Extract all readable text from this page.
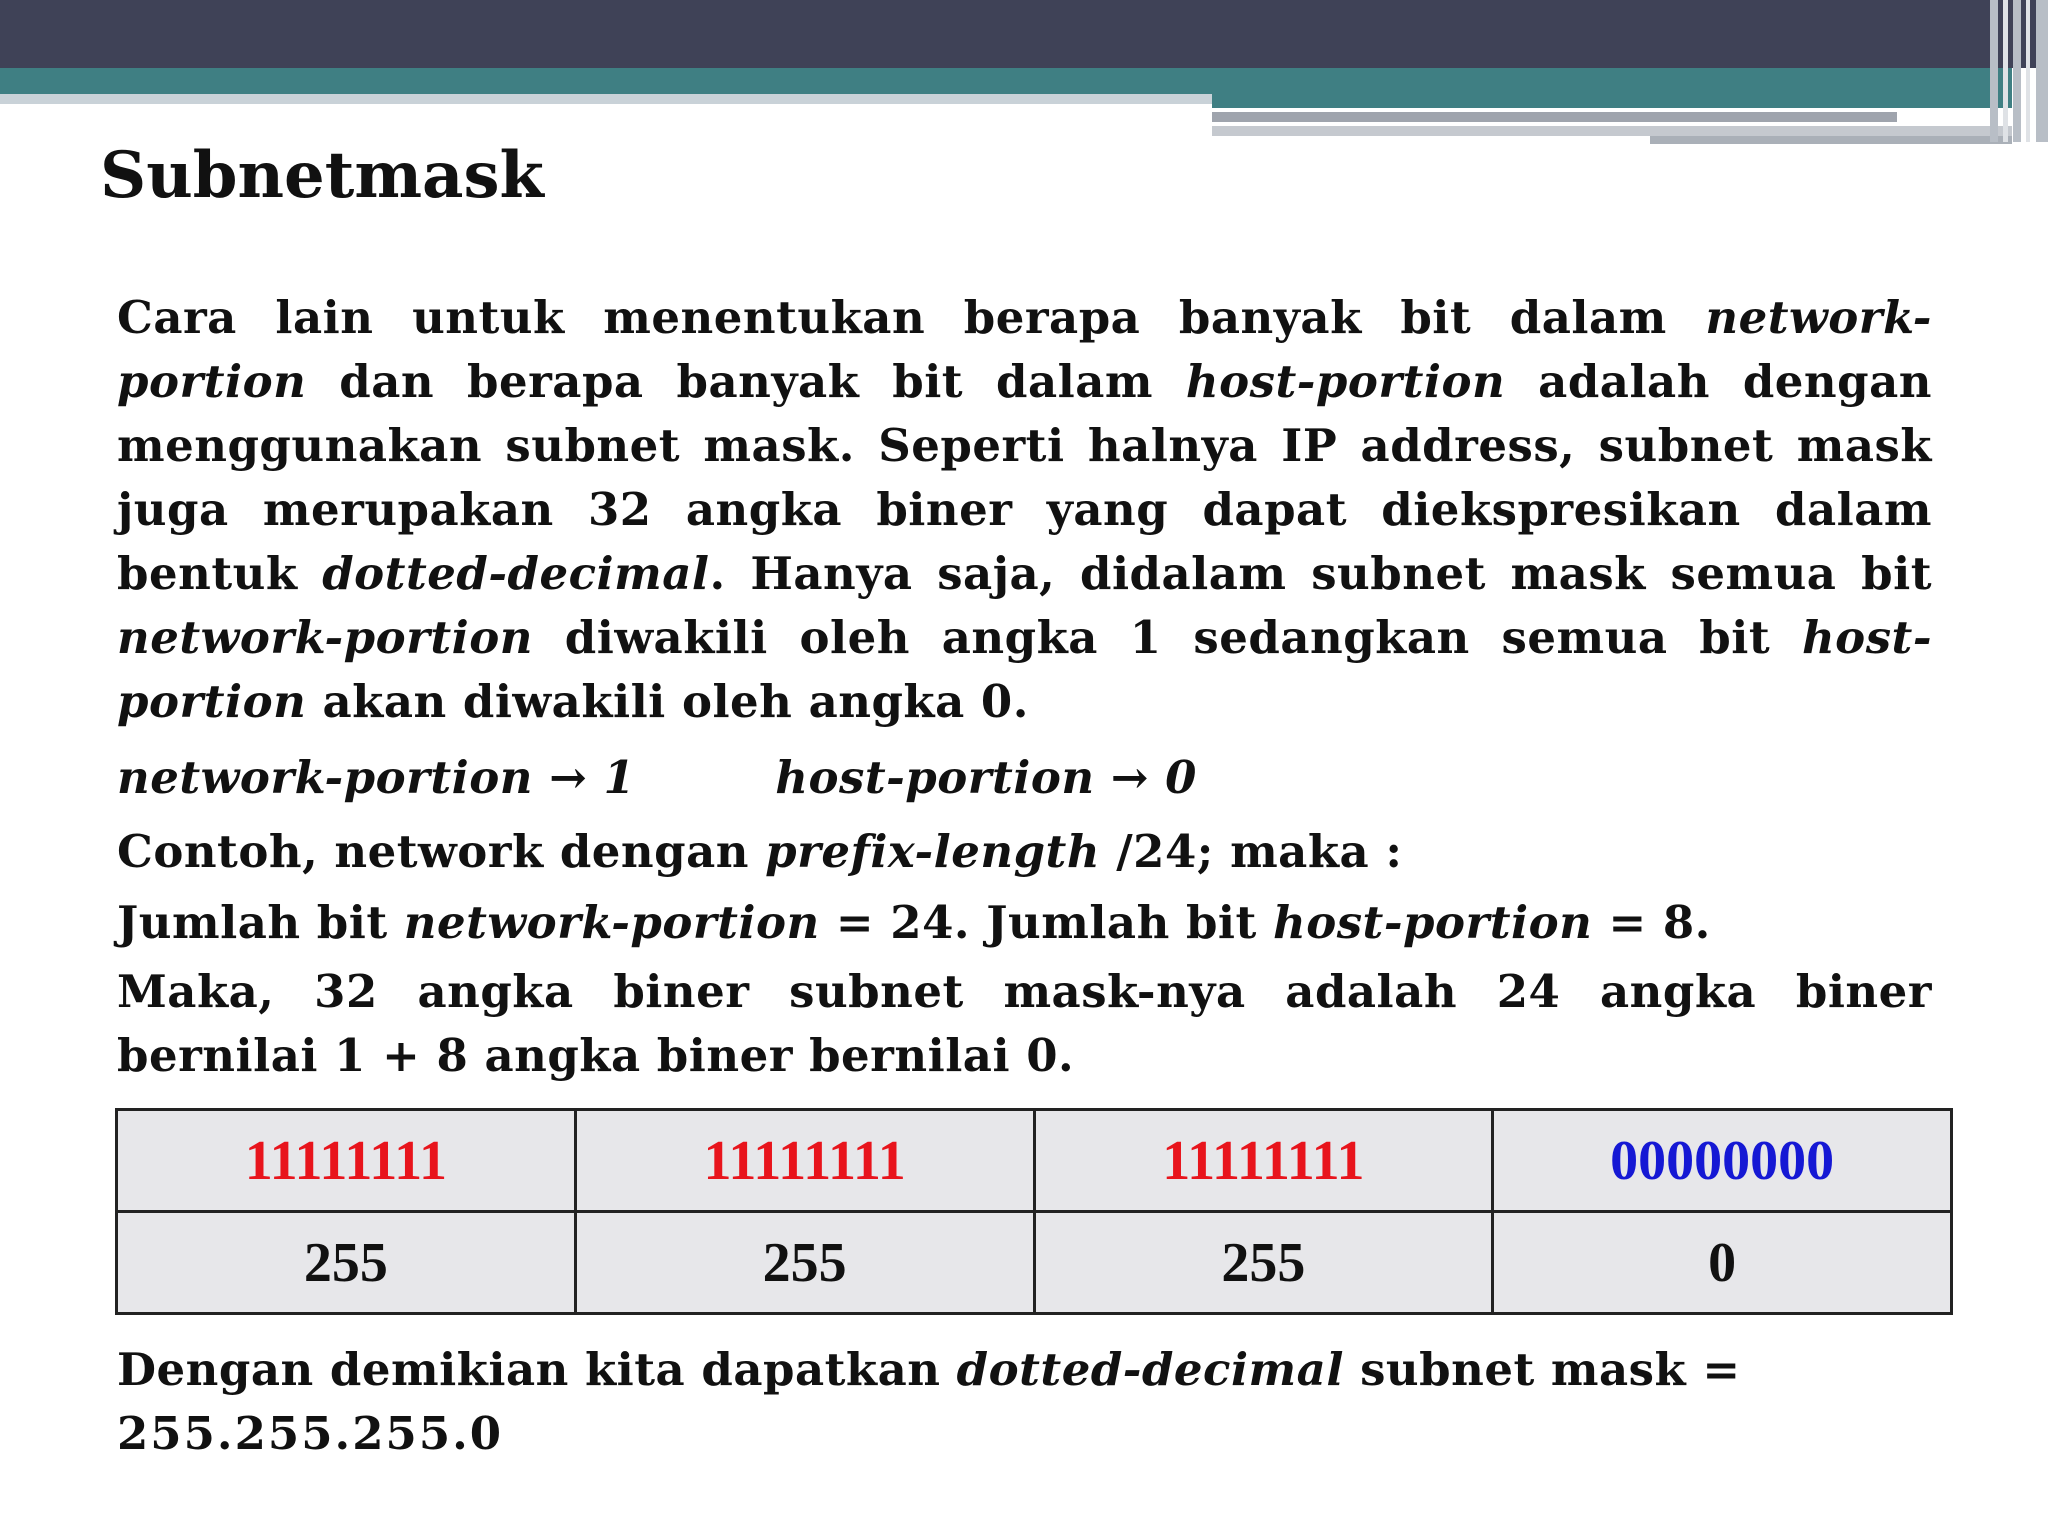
Subnetmask
Cara lain untuk menentukan berapa banyak bit dalam network-portion dan berapa banyak bit dalam host-portion adalah dengan menggunakan subnet mask. Seperti halnya IP address, subnet mask juga merupakan 32 angka biner yang dapat diekspresikan dalam bentuk dotted-decimal. Hanya saja, didalam subnet mask semua bit network-portion diwakili oleh angka 1 sedangkan semua bit host-portion akan diwakili oleh angka 0.
network-portion → 1	host-portion → 0
Contoh, network dengan prefix-length /24; maka :
Jumlah bit network-portion = 24. Jumlah bit host-portion = 8.
Maka, 32 angka biner subnet mask-nya adalah 24 angka biner bernilai 1 + 8 angka biner bernilai 0.
11111111	11111111	11111111	00000000
255	255	255	0
Dengan demikian kita dapatkan dotted-decimal subnet mask = 255.255.255.0
